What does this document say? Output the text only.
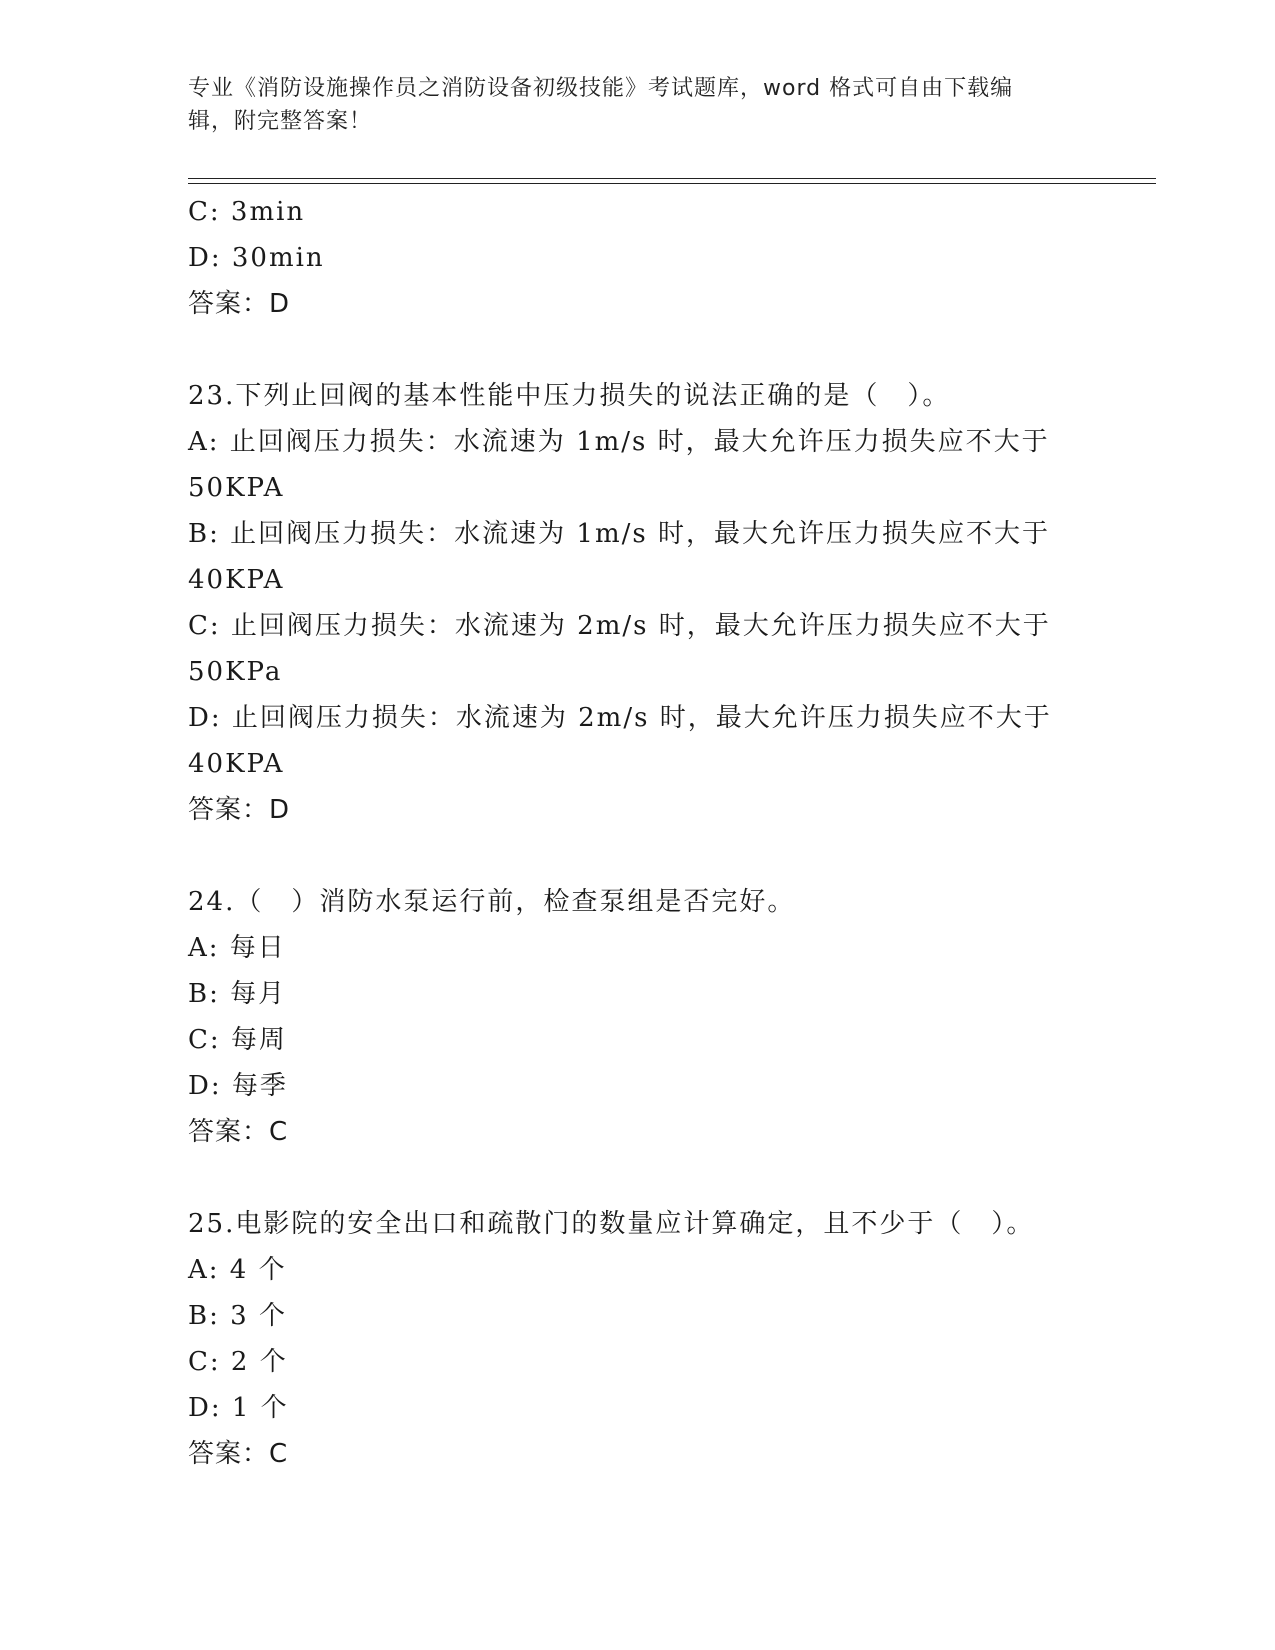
专业《消防设施操作员之消防设备初级技能》考试题库，word 格式可自由下载编
辑，附完整答案！
C: 3min
D: 30min
答案：D
23.下列止回阀的基本性能中压力损失的说法正确的是（　）。
A: 止回阀压力损失：水流速为 1m/s 时，最大允许压力损失应不大于
50KPA
B: 止回阀压力损失：水流速为 1m/s 时，最大允许压力损失应不大于
40KPA
C: 止回阀压力损失：水流速为 2m/s 时，最大允许压力损失应不大于
50KPa
D: 止回阀压力损失：水流速为 2m/s 时，最大允许压力损失应不大于
40KPA
答案：D
24.（　）消防水泵运行前，检查泵组是否完好。
A: 每日
B: 每月
C: 每周
D: 每季
答案：C
25.电影院的安全出口和疏散门的数量应计算确定，且不少于（　）。
A: 4 个
B: 3 个
C: 2 个
D: 1 个
答案：C
